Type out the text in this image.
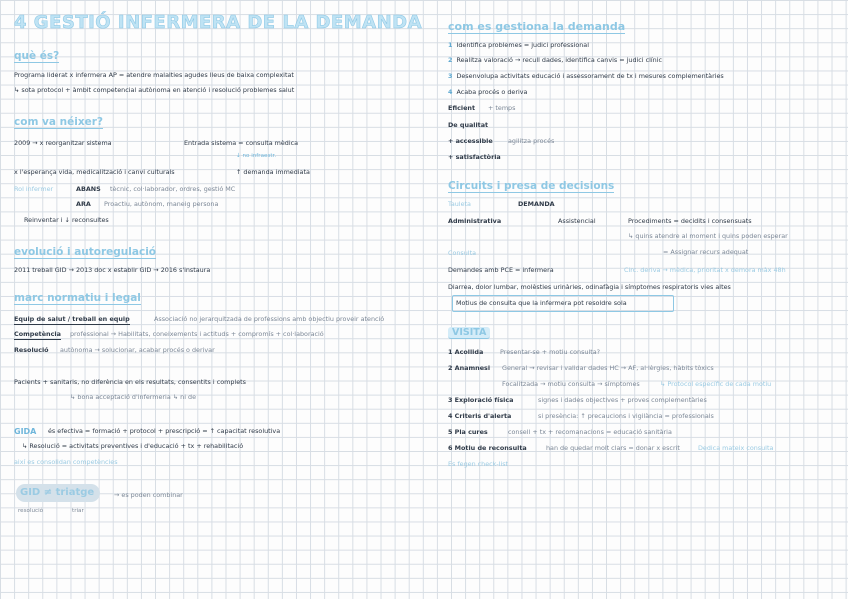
4 GESTIÓ INFERMERA DE LA DEMANDA
què és?
Programa liderat x infermera AP = atendre malalties agudes lleus de baixa complexitat
↳ sota protocol + àmbit competencial autònoma en atenció i resolució problemes salut
com va néixer?
2009 → x reorganitzar sistema	Entrada sistema = consulta mèdica
↓ no infraestr.
x l'esperança vida, medicalització i canvi culturals	↑ demanda immediata
Rol infermer	ABANS tècnic, col·laborador, ordres, gestió MC
ARA Proactiu, autònom, maneig persona
Reinventar i ↓ reconsultes
evolució i autoregulació
2011 treball GID → 2013 doc x establir GID → 2016 s'instaura
marc normatiu i legal
Equip de salut / treball en equip	Associació no jerarquitzada de professions amb objectiu proveir atenció
Competència professional → Habilitats, coneixements i actituds + compromís + col·laboració
Resolució autònoma → solucionar, acabar procés o derivar
Pacients + sanitaris, no diferència en els resultats, consentits i complets
↳ bona acceptació d'infermeria ↳ ni de
GIDA és efectiva = formació + protocol + prescripció = ↑ capacitat resolutiva
↳ Resolució = activitats preventives i d'educació + tx + rehabilitació
així es consolidan competències
GID ≠ triatge	→ es poden combinar
resolució	triar
com es gestiona la demanda
1 Identifica problemes = judici professional
2 Realitza valoració → recull dades, identifica canvis = judici clínic
3 Desenvolupa activitats educació i assessorament de tx i mesures complementàries
4 Acaba procés o deriva
Eficient + temps
De qualitat
+ accessible agilitza procés
+ satisfactòria
Circuits i presa de decisions
Tauleta	DEMANDA
Administrativa	Assistencial	Procediments = decidits i consensuats
↳ quins atendre al moment i quins poden esperar
= Assignar recurs adequat
Consulta
Demandes amb PCE = infermera	Circ. deriva → mèdica, prioritat x demora màx 48h
Diarrea, dolor lumbar, molèsties urinàries, odinafàgia i símptomes respiratoris vies altes
Motius de consulta que la infermera pot resoldre sola
VISITA
1 Acollida	Presentar-se + motiu consulta?
2 Anamnesi General → revisar i validar dades HC → AF, al·lèrgies, hàbits tòxics
Focalitzada → motiu consulta → símptomes	↳ Protocol específic de cada motiu
3 Exploració física	signes i dades objectives + proves complementàries
4 Criteris d'alerta	si presència: ↑ precaucions i vigilància = professionals
5 Pla cures	consell + tx + recomanacions = educació sanitària
6 Motiu de reconsulta	han de quedar molt clars = donar x escrit	Dedica mateix consulta
Es fegen check-list
